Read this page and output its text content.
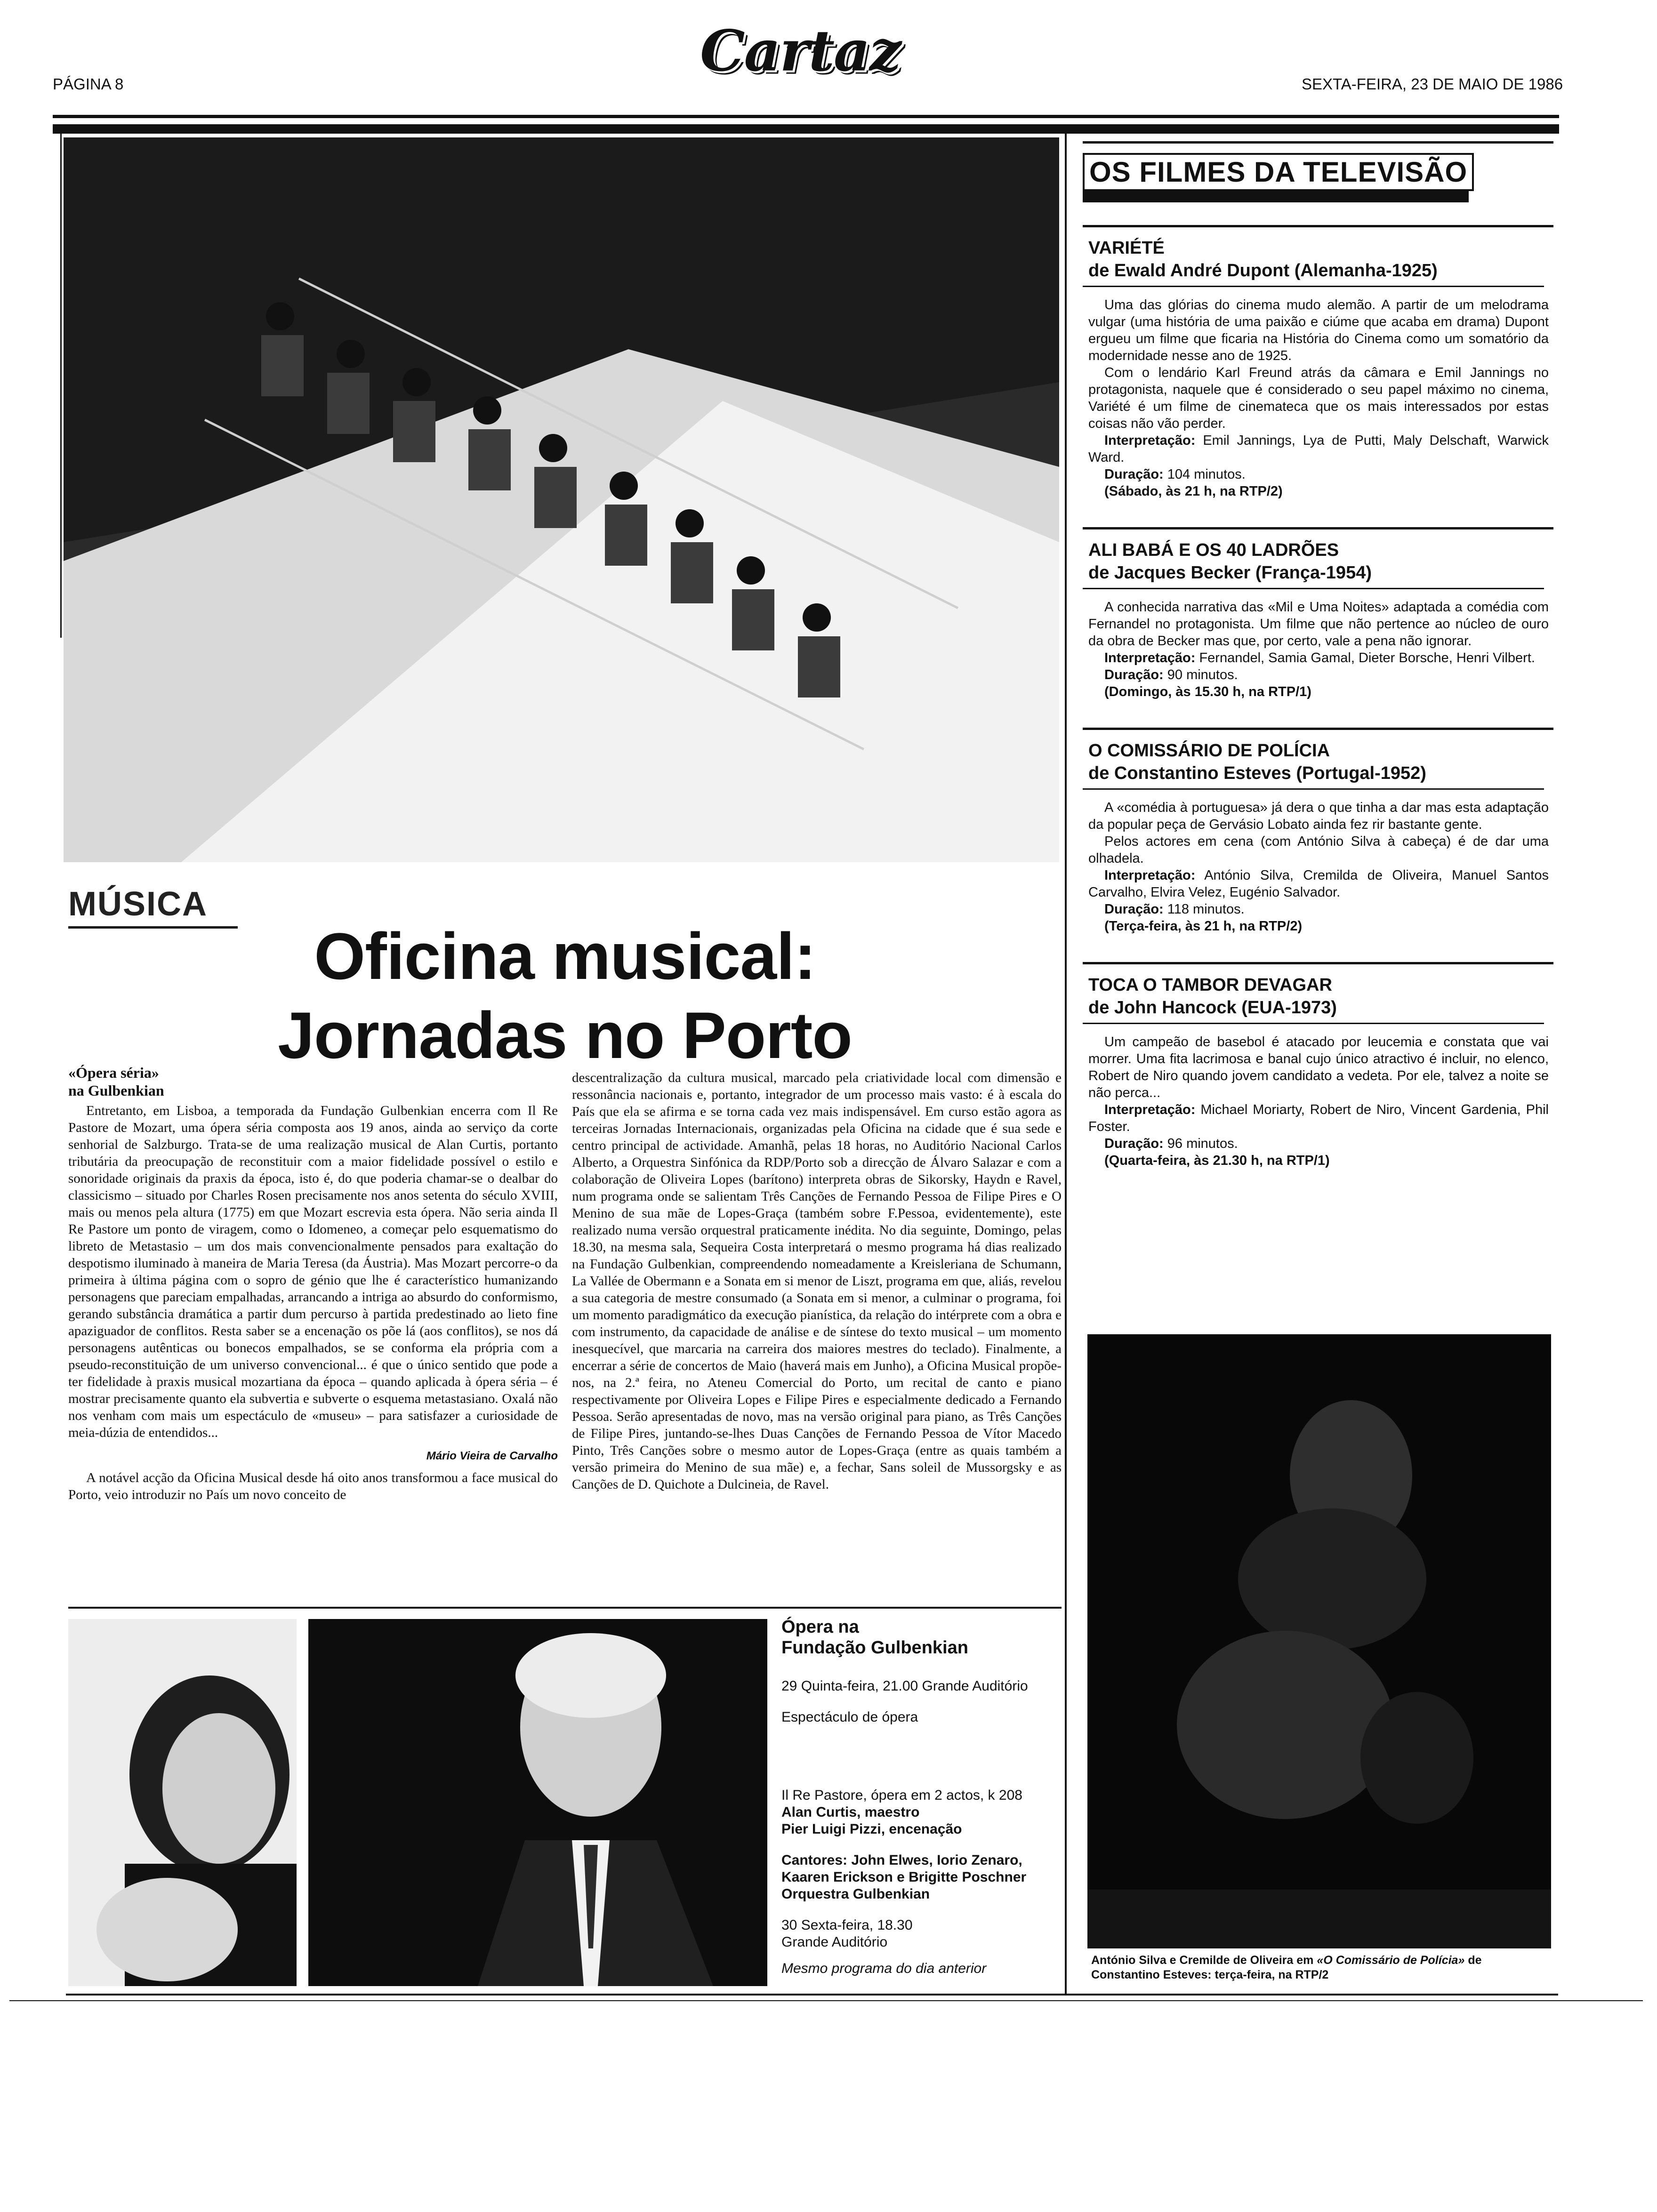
PÁGINA 8	Cartaz	SEXTA-FEIRA, 23 DE MAIO DE 1986
MÚSICA
Oficina musical:
Jornadas no Porto
«Ópera séria»
na Gulbenkian

Entretanto, em Lisboa, a temporada da Fundação Gulbenkian encerra com Il Re Pastore de Mozart, uma ópera séria composta aos 19 anos, ainda ao serviço da corte senhorial de Salzburgo. Trata-se de uma realização musical de Alan Curtis, portanto tributária da preocupação de reconstituir com a maior fidelidade possível o estilo e sonoridade originais da praxis da época, isto é, do que poderia chamar-se o dealbar do classicismo – situado por Charles Rosen precisamente nos anos setenta do século XVIII, mais ou menos pela altura (1775) em que Mozart escrevia esta ópera. Não seria ainda Il Re Pastore um ponto de viragem, como o Idomeneo, a começar pelo esquematismo do libreto de Metastasio – um dos mais convencionalmente pensados para exaltação do despotismo iluminado à maneira de Maria Teresa (da Áustria). Mas Mozart percorre-o da primeira à última página com o sopro de génio que lhe é característico humanizando personagens que pareciam empalhadas, arrancando a intriga ao absurdo do conformismo, gerando substância dramática a partir dum percurso à partida predestinado ao lieto fine apaziguador de conflitos. Resta saber se a encenação os põe lá (aos conflitos), se nos dá personagens autênticas ou bonecos empalhados, se se conforma ela própria com a pseudo-reconstituição de um universo convencional... é que o único sentido que pode a ter fidelidade à praxis musical mozartiana da época – quando aplicada à ópera séria – é mostrar precisamente quanto ela subvertia e subverte o esquema metastasiano. Oxalá não nos venham com mais um espectáculo de «museu» – para satisfazer a curiosidade de meia-dúzia de entendidos...

Mário Vieira de Carvalho

A notável acção da Oficina Musical desde há oito anos transformou a face musical do Porto, veio introduzir no País um novo conceito de

descentralização da cultura musical, marcado pela criatividade local com dimensão e ressonância nacionais e, portanto, integrador de um processo mais vasto: é à escala do País que ela se afirma e se torna cada vez mais indispensável. Em curso estão agora as terceiras Jornadas Internacionais, organizadas pela Oficina na cidade que é sua sede e centro principal de actividade. Amanhã, pelas 18 horas, no Auditório Nacional Carlos Alberto, a Orquestra Sinfónica da RDP/Porto sob a direcção de Álvaro Salazar e com a colaboração de Oliveira Lopes (barítono) interpreta obras de Sikorsky, Haydn e Ravel, num programa onde se salientam Três Canções de Fernando Pessoa de Filipe Pires e O Menino de sua mãe de Lopes-Graça (também sobre F.Pessoa, evidentemente), este realizado numa versão orquestral praticamente inédita. No dia seguinte, Domingo, pelas 18.30, na mesma sala, Sequeira Costa interpretará o mesmo programa há dias realizado na Fundação Gulbenkian, compreendendo nomeadamente a Kreisleriana de Schumann, La Vallée de Obermann e a Sonata em si menor de Liszt, programa em que, aliás, revelou a sua categoria de mestre consumado (a Sonata em si menor, a culminar o programa, foi um momento paradigmático da execução pianística, da relação do intérprete com a obra e com instrumento, da capacidade de análise e de síntese do texto musical – um momento inesquecível, que marcaria na carreira dos maiores mestres do teclado). Finalmente, a encerrar a série de concertos de Maio (haverá mais em Junho), a Oficina Musical propõe-nos, na 2.ª feira, no Ateneu Comercial do Porto, um recital de canto e piano respectivamente por Oliveira Lopes e Filipe Pires e especialmente dedicado a Fernando Pessoa. Serão apresentadas de novo, mas na versão original para piano, as Três Canções de Filipe Pires, juntando-se-lhes Duas Canções de Fernando Pessoa de Vítor Macedo Pinto, Três Canções sobre o mesmo autor de Lopes-Graça (entre as quais também a versão primeira do Menino de sua mãe) e, a fechar, Sans soleil de Mussorgsky e as Canções de D. Quichote a Dulcineia, de Ravel.

Ópera na
Fundação Gulbenkian
29 Quinta-feira, 21.00 Grande Auditório
Espectáculo de ópera
Il Re Pastore, ópera em 2 actos, k 208
Alan Curtis, maestro
Pier Luigi Pizzi, encenação
Cantores: John Elwes, Iorio Zenaro,
Kaaren Erickson e Brigitte Poschner
Orquestra Gulbenkian
30 Sexta-feira, 18.30
Grande Auditório
Mesmo programa do dia anterior
OS FILMES DA TELEVISÃO
VARIÉTÉ
de Ewald André Dupont (Alemanha-1925)

Uma das glórias do cinema mudo alemão. A partir de um melodrama vulgar (uma história de uma paixão e ciúme que acaba em drama) Dupont ergueu um filme que ficaria na História do Cinema como um somatório da modernidade nesse ano de 1925.

Com o lendário Karl Freund atrás da câmara e Emil Jannings no protagonista, naquele que é considerado o seu papel máximo no cinema, Variété é um filme de cinemateca que os mais interessados por estas coisas não vão perder.

Interpretação: Emil Jannings, Lya de Putti, Maly Delschaft, Warwick Ward.

Duração: 104 minutos.

(Sábado, às 21 h, na RTP/2)

ALI BABÁ E OS 40 LADRÕES
de Jacques Becker (França-1954)

A conhecida narrativa das «Mil e Uma Noites» adaptada a comédia com Fernandel no protagonista. Um filme que não pertence ao núcleo de ouro da obra de Becker mas que, por certo, vale a pena não ignorar.

Interpretação: Fernandel, Samia Gamal, Dieter Borsche, Henri Vilbert.

Duração: 90 minutos.

(Domingo, às 15.30 h, na RTP/1)

O COMISSÁRIO DE POLÍCIA
de Constantino Esteves (Portugal-1952)

A «comédia à portuguesa» já dera o que tinha a dar mas esta adaptação da popular peça de Gervásio Lobato ainda fez rir bastante gente.

Pelos actores em cena (com António Silva à cabeça) é de dar uma olhadela.

Interpretação: António Silva, Cremilda de Oliveira, Manuel Santos Carvalho, Elvira Velez, Eugénio Salvador.

Duração: 118 minutos.

(Terça-feira, às 21 h, na RTP/2)

TOCA O TAMBOR DEVAGAR
de John Hancock (EUA-1973)

Um campeão de basebol é atacado por leucemia e constata que vai morrer. Uma fita lacrimosa e banal cujo único atractivo é incluir, no elenco, Robert de Niro quando jovem candidato a vedeta. Por ele, talvez a noite se não perca...

Interpretação: Michael Moriarty, Robert de Niro, Vincent Gardenia, Phil Foster.

Duração: 96 minutos.

(Quarta-feira, às 21.30 h, na RTP/1)

António Silva e Cremilde de Oliveira em «O Comissário de Polícia» de Constantino Esteves: terça-feira, na RTP/2
